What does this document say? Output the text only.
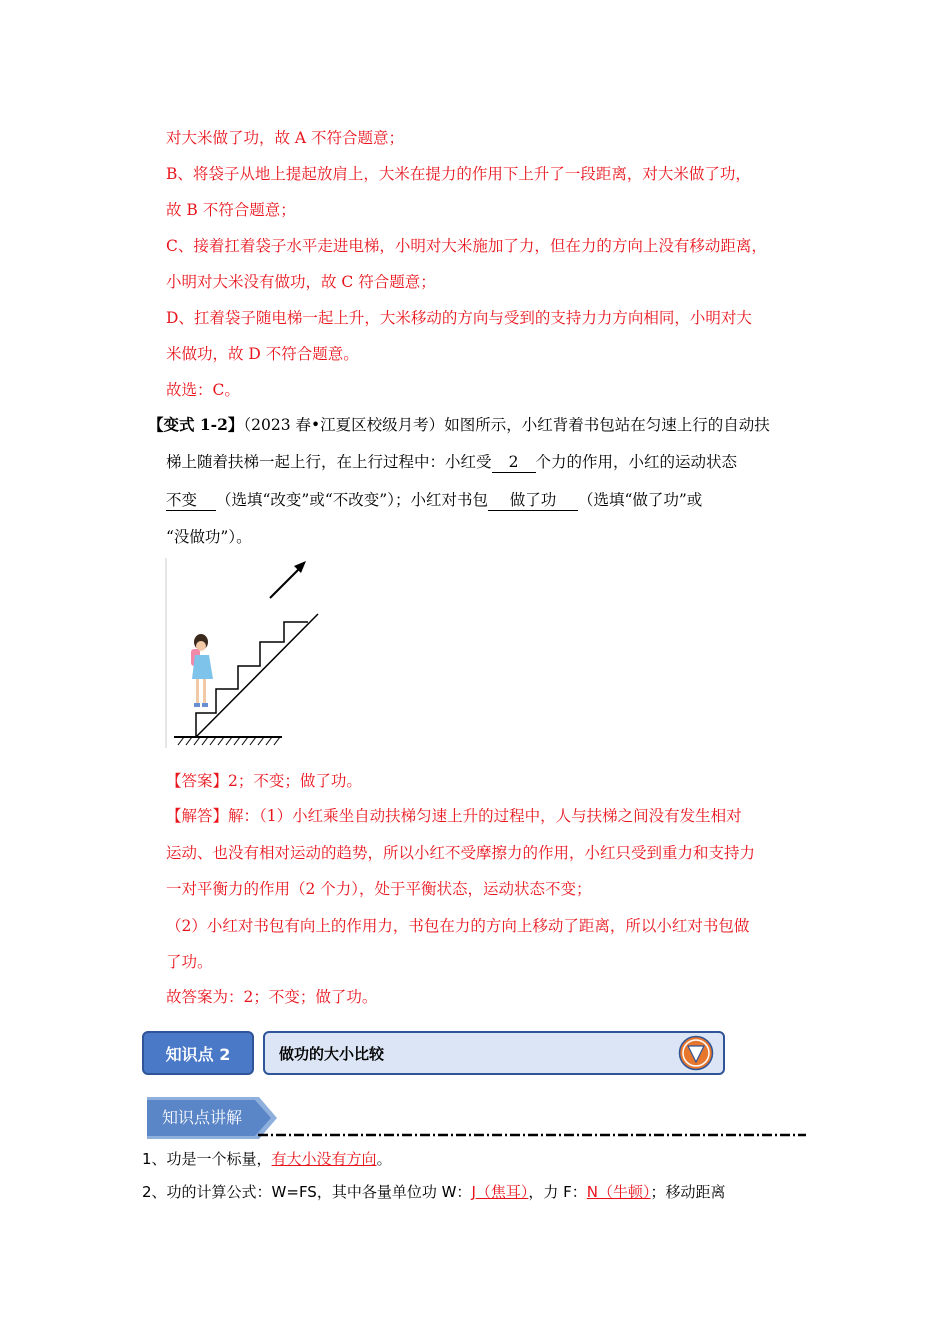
对大米做了功，故 A 不符合题意；
B、将袋子从地上提起放肩上，大米在提力的作用下上升了一段距离，对大米做了功，
故 B 不符合题意；
C、接着扛着袋子水平走进电梯，小明对大米施加了力，但在力的方向上没有移动距离，
小明对大米没有做功，故 C 符合题意；
D、扛着袋子随电梯一起上升，大米移动的方向与受到的支持力力方向相同，小明对大
米做功，故 D 不符合题意。
故选：C。
【变式 1-2】（2023 春•江夏区校级月考）如图所示，小红背着书包站在匀速上行的自动扶
梯上随着扶梯一起上行，在上行过程中：小红受 2 个力的作用，小红的运动状态
不变 （选填“改变”或“不改变”）；小红对书包 做了功 （选填“做了功”或
“没做功”）。
【答案】2；不变；做了功。
【解答】解：（1）小红乘坐自动扶梯匀速上升的过程中，人与扶梯之间没有发生相对
运动、也没有相对运动的趋势，所以小红不受摩擦力的作用，小红只受到重力和支持力
一对平衡力的作用（2 个力），处于平衡状态，运动状态不变；
（2）小红对书包有向上的作用力，书包在力的方向上移动了距离，所以小红对书包做
了功。
故答案为：2；不变；做了功。
知识点 2	做功的大小比较
知识点讲解
1、功是一个标量，有大小没有方向。
2、功的计算公式：W=FS，其中各量单位功 W：J（焦耳），力 F：N（牛顿）；移动距离
